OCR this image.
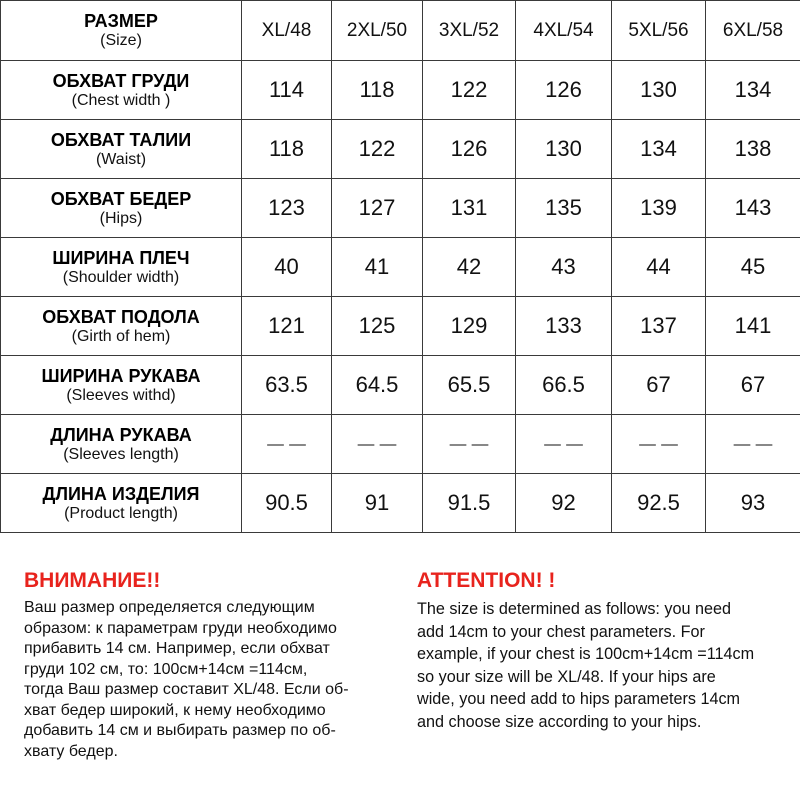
РАЗМЕР
(Size)	XL/48	2XL/50	3XL/52	4XL/54	5XL/56	6XL/58

ОБХВАТ ГРУДИ
(Chest width )	114	118	122	126	130	134

ОБХВАТ ТАЛИИ
(Waist)	118	122	126	130	134	138

ОБХВАТ БЕДЕР
(Hips)	123	127	131	135	139	143

ШИРИНА ПЛЕЧ
(Shoulder width)	40	41	42	43	44	45

ОБХВАТ ПОДОЛА
(Girth of hem)	121	125	129	133	137	141

ШИРИНА РУКАВА
(Sleeves withd)	63.5	64.5	65.5	66.5	67	67

ДЛИНА РУКАВА
(Sleeves length)	－－	－－	－－	－－	－－	－－

ДЛИНА ИЗДЕЛИЯ
(Product length)	90.5	91	91.5	92	92.5	93
ВНИМАНИЕ!!

Ваш размер определяется следующим

образом: к параметрам груди необходимо

прибавить 14 см. Например, если обхват

груди 102 см, то: 100см+14см =114см,

тогда Ваш размер составит XL/48. Если об-

хват бедер широкий, к нему необходимо

добавить 14 см и выбирать размер по об-

хвату бедер.

ATTENTION! !

The size is determined as follows: you need

add 14cm to your chest parameters. For

example, if your chest is 100cm+14cm =114cm

so your size will be XL/48. If your hips are

wide, you need add to hips parameters 14cm

and choose size according to your hips.
